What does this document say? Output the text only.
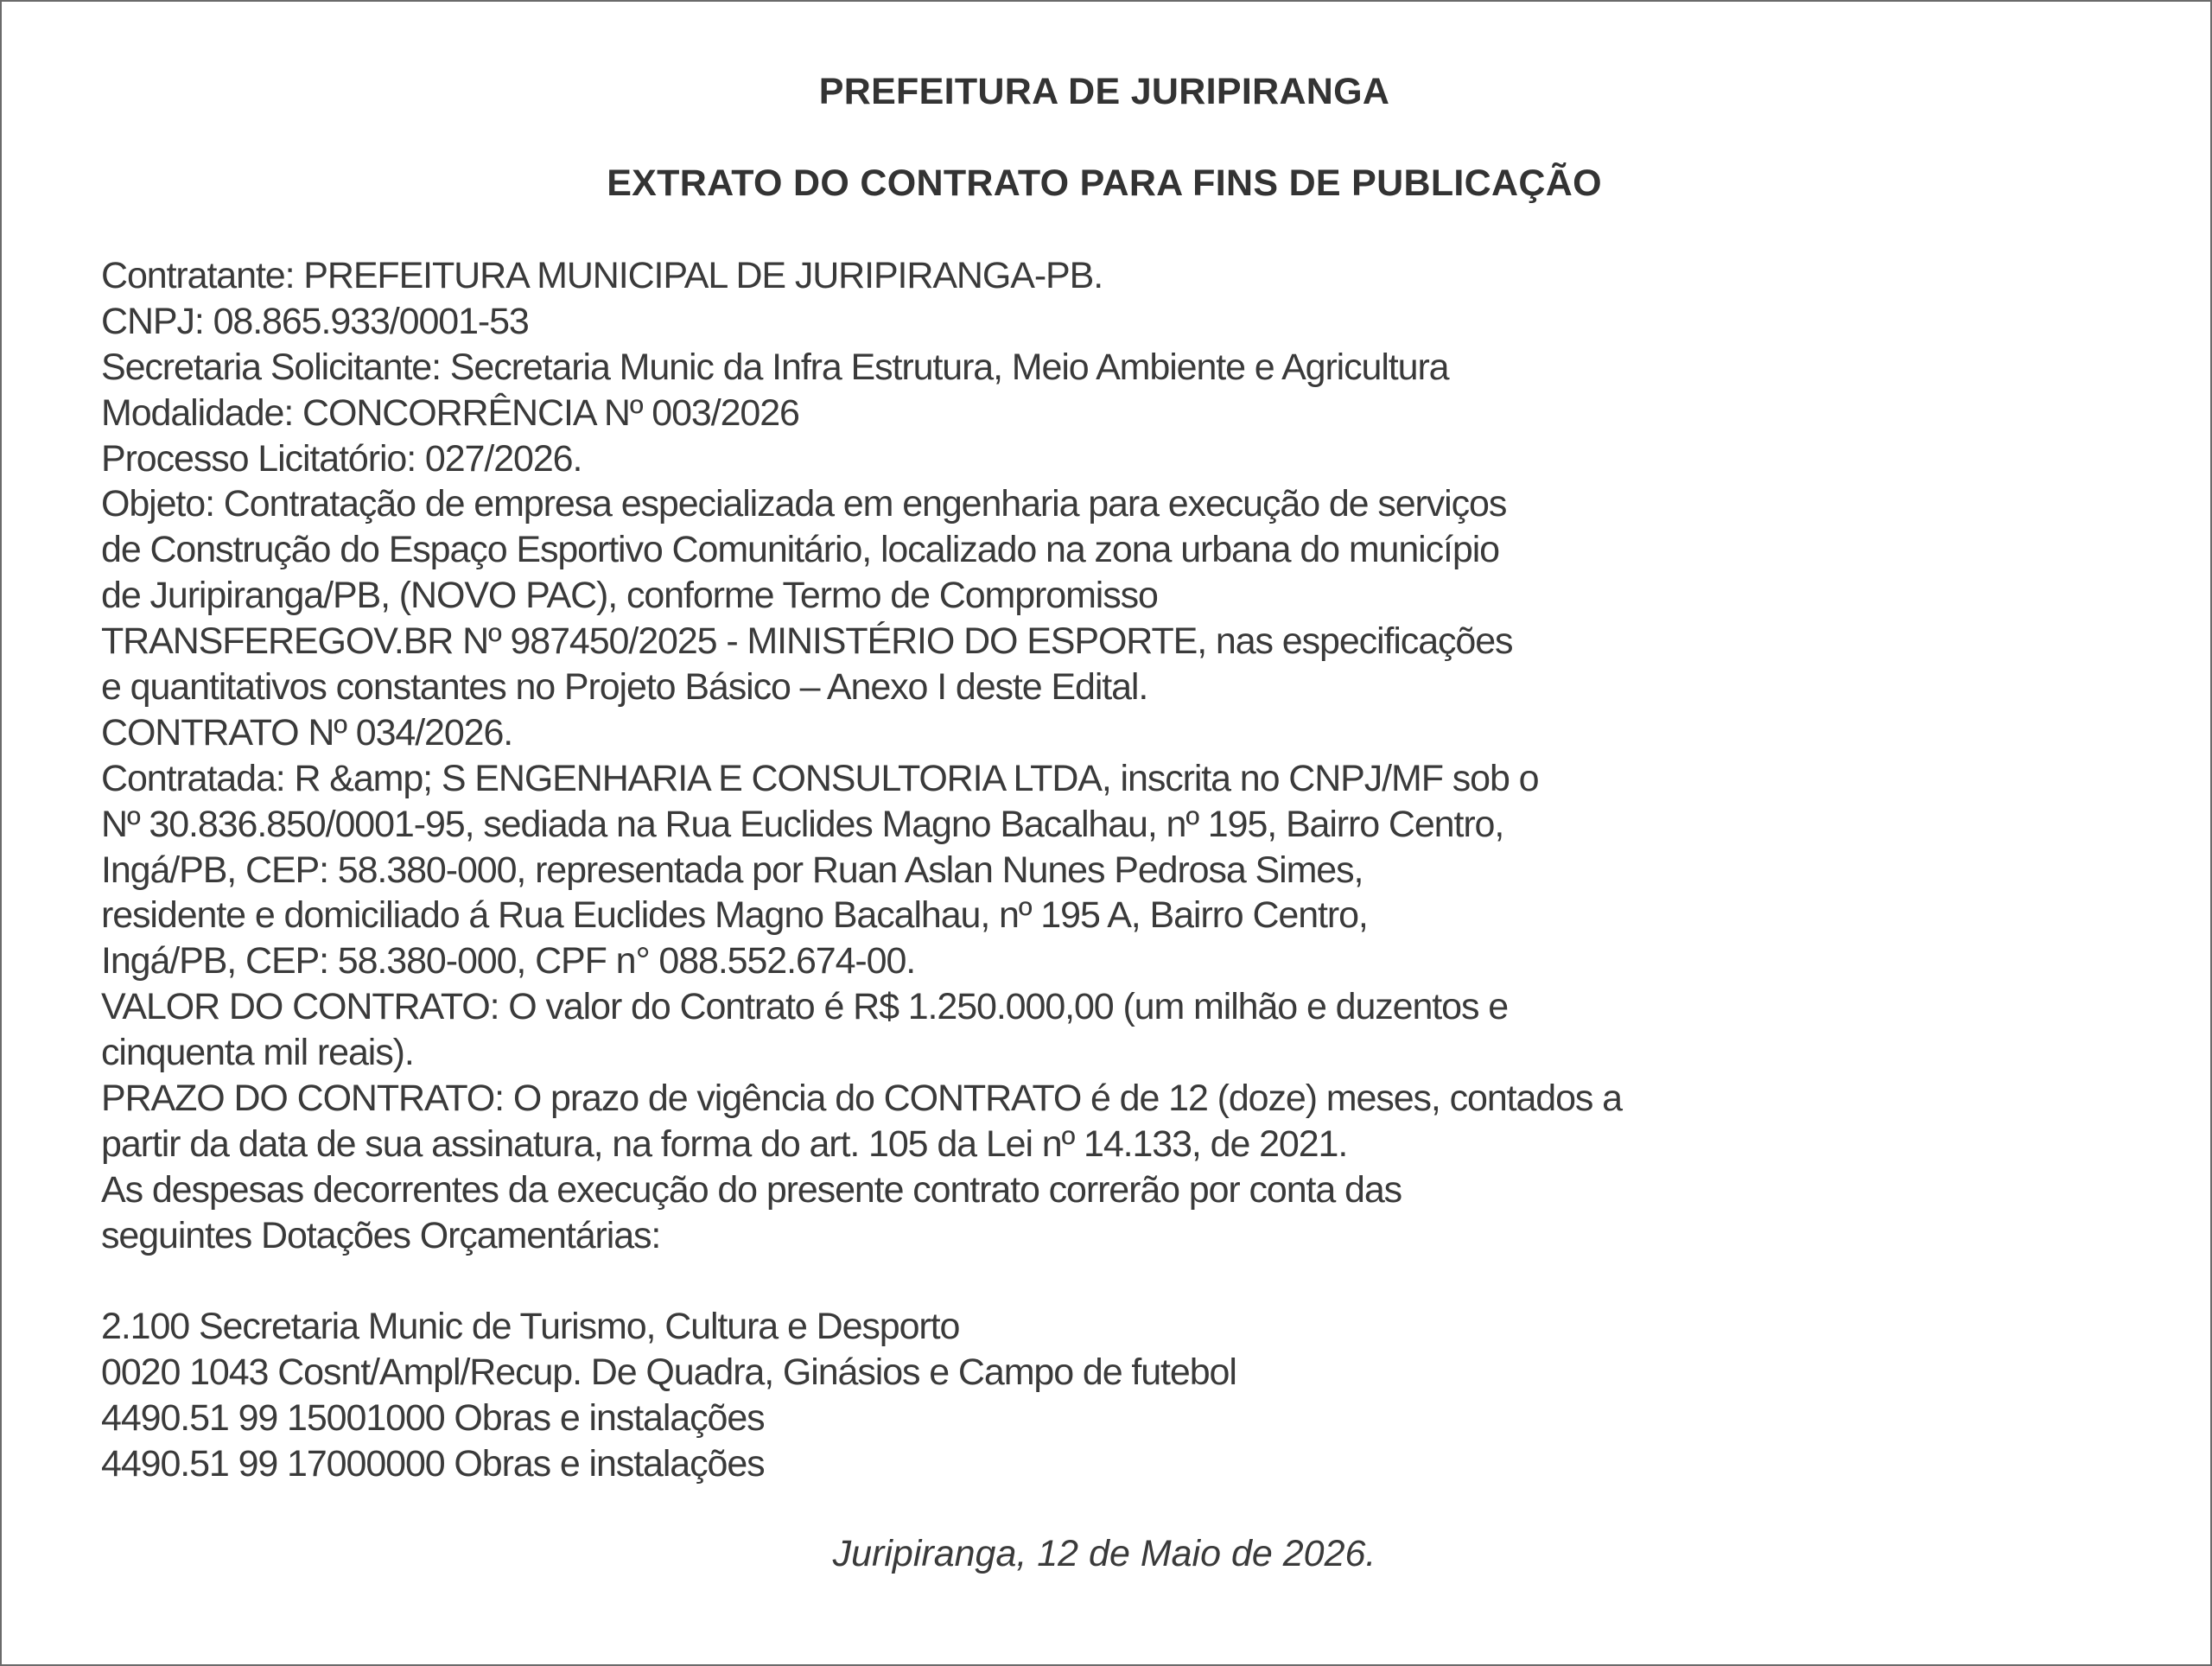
PREFEITURA DE JURIPIRANGA
EXTRATO DO CONTRATO PARA FINS DE PUBLICAÇÃO
Contratante: PREFEITURA MUNICIPAL DE JURIPIRANGA-PB.
CNPJ: 08.865.933/0001-53
Secretaria Solicitante: Secretaria Munic da Infra Estrutura, Meio Ambiente e Agricultura
Modalidade: CONCORRÊNCIA Nº 003/2026
Processo Licitatório: 027/2026.
Objeto: Contratação de empresa especializada em engenharia para execução de serviços
de Construção do Espaço Esportivo Comunitário, localizado na zona urbana do município
de Juripiranga/PB, (NOVO PAC), conforme Termo de Compromisso
TRANSFEREGOV.BR Nº 987450/2025 - MINISTÉRIO DO ESPORTE, nas especificações
e quantitativos constantes no Projeto Básico – Anexo I deste Edital.
CONTRATO Nº 034/2026.
Contratada: R &amp; S ENGENHARIA E CONSULTORIA LTDA, inscrita no CNPJ/MF sob o
Nº 30.836.850/0001-95, sediada na Rua Euclides Magno Bacalhau, nº 195, Bairro Centro,
Ingá/PB, CEP: 58.380-000, representada por Ruan Aslan Nunes Pedrosa Simes,
residente e domiciliado á Rua Euclides Magno Bacalhau, nº 195 A, Bairro Centro,
Ingá/PB, CEP: 58.380-000, CPF n° 088.552.674-00.
VALOR DO CONTRATO: O valor do Contrato é R$ 1.250.000,00 (um milhão e duzentos e
cinquenta mil reais).
PRAZO DO CONTRATO: O prazo de vigência do CONTRATO é de 12 (doze) meses, contados a
partir da data de sua assinatura, na forma do art. 105 da Lei nº 14.133, de 2021.
As despesas decorrentes da execução do presente contrato correrão por conta das
seguintes Dotações Orçamentárias:
2.100 Secretaria Munic de Turismo, Cultura e Desporto
0020 1043 Cosnt/Ampl/Recup. De Quadra, Ginásios e Campo de futebol
4490.51 99 15001000 Obras e instalações
4490.51 99 17000000 Obras e instalações

Juripiranga, 12 de Maio de 2026.
